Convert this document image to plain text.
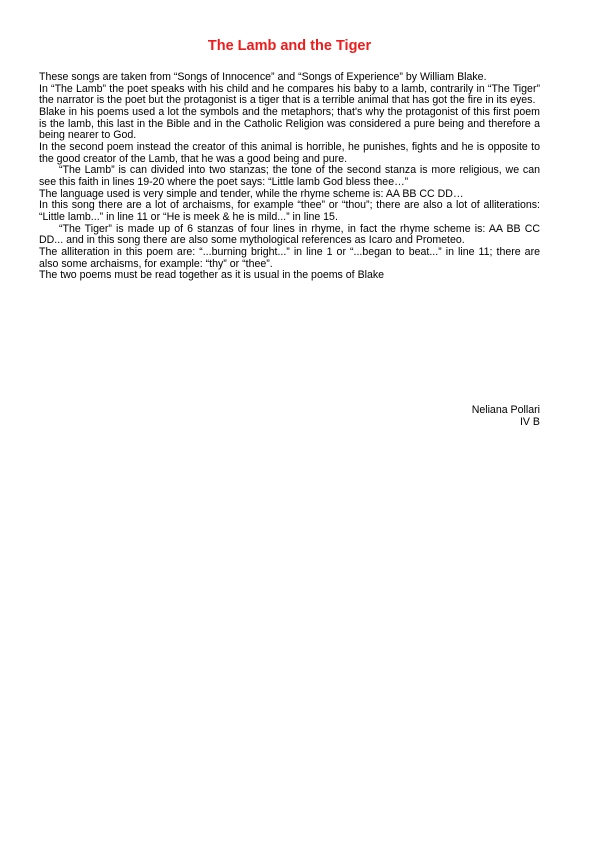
The Lamb and the Tiger

These songs are taken from “Songs of Innocence” and “Songs of Experience” by William Blake.

In “The Lamb” the poet speaks with his child and he compares his baby to a lamb, contrarily in “The Tiger” the narrator is the poet but the protagonist is a tiger that is a terrible animal that has got the fire in its eyes.

Blake in his poems used a lot the symbols and the metaphors; that's why the protagonist of this first poem is the lamb, this last in the Bible and in the Catholic Religion was considered a pure being and therefore a being nearer to God.

In the second poem instead the creator of this animal is horrible, he punishes, fights and he is opposite to the good creator of the Lamb, that he was a good being and pure.

“The Lamb” is can divided into two stanzas; the tone of the second stanza is more religious, we can see this faith in lines 19-20 where the poet says: “Little lamb God bless thee…”

The language used is very simple and tender, while the rhyme scheme is: AA BB CC DD…

In this song there are a lot of archaisms, for example “thee” or “thou”; there are also a lot of alliterations: “Little lamb...” in line 11 or “He is meek & he is mild...” in line 15.

“The Tiger” is made up of 6 stanzas of four lines in rhyme, in fact the rhyme scheme is: AA BB CC DD... and in this song there are also some mythological references as Icaro and Prometeo.

The alliteration in this poem are: “...burning bright...” in line 1 or “...began to beat...” in line 11; there are also some archaisms, for example: “thy” or “thee”.

The two poems must be read together as it is usual in the poems of Blake

Neliana Pollari
IV B
